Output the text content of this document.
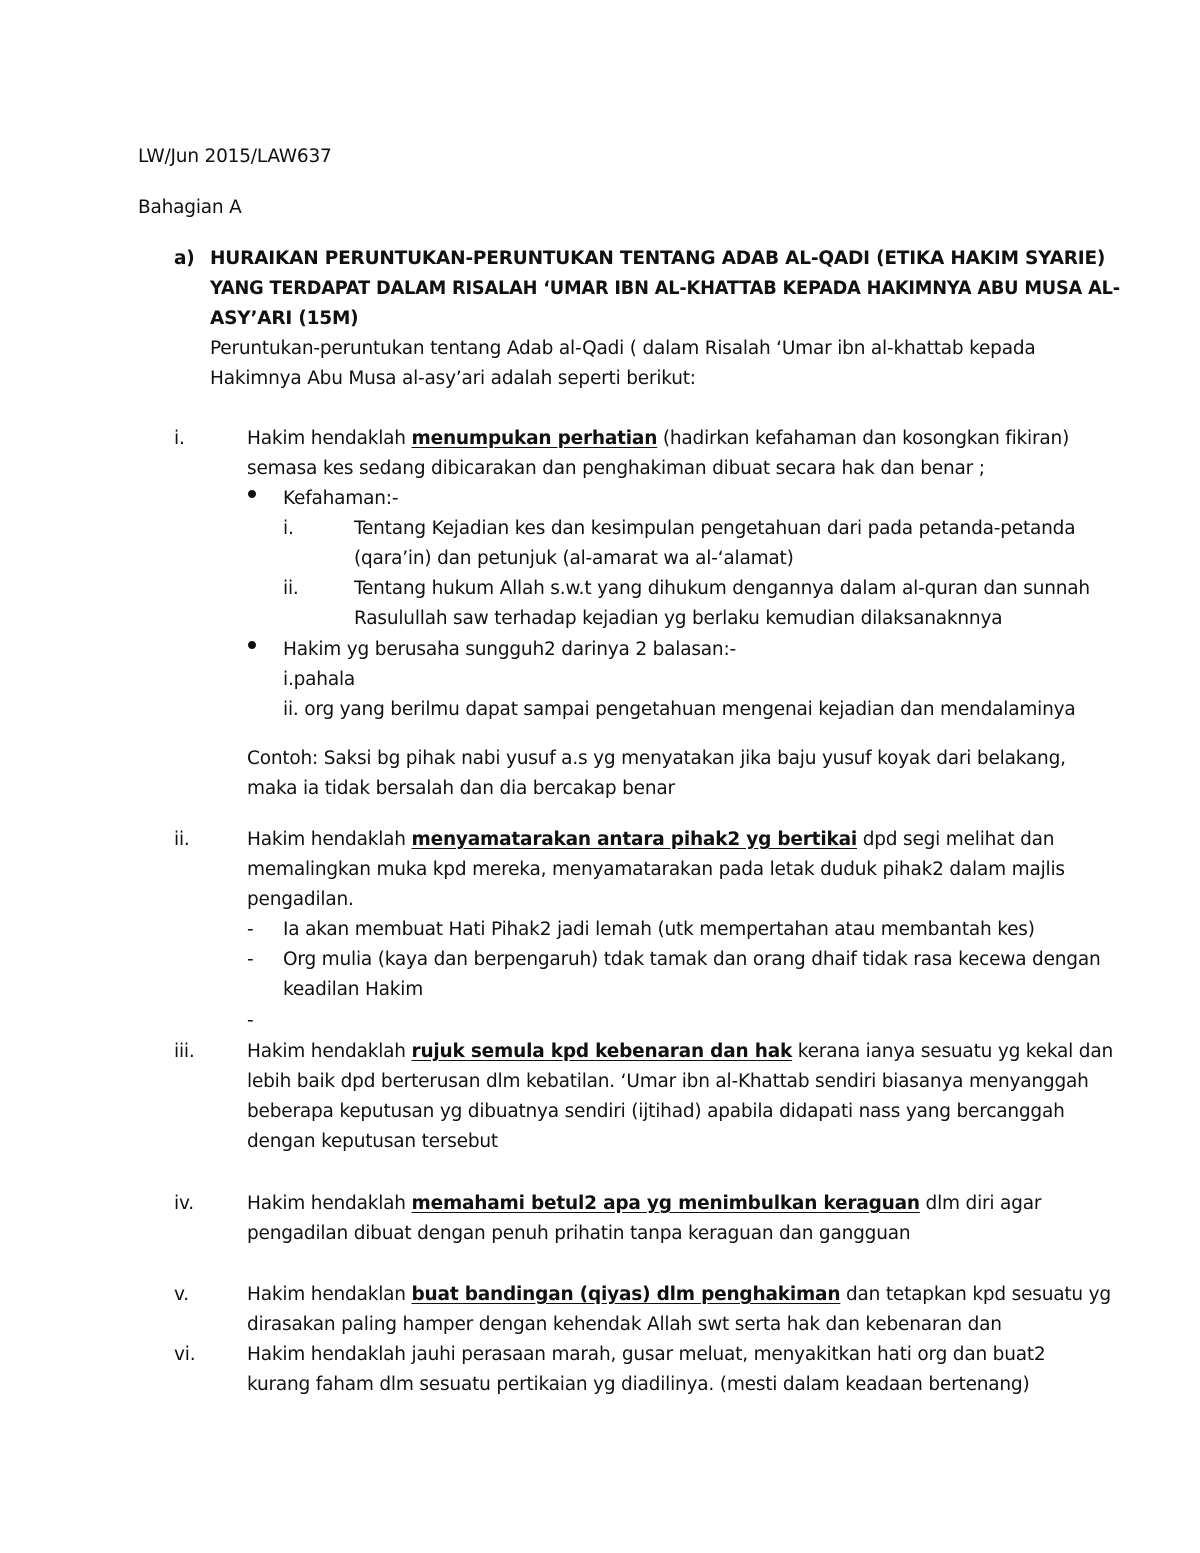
LW/Jun 2015/LAW637
Bahagian A
a) HURAIKAN PERUNTUKAN-PERUNTUKAN TENTANG ADAB AL-QADI (ETIKA HAKIM SYARIE)
YANG TERDAPAT DALAM RISALAH ‘UMAR IBN AL-KHATTAB KEPADA HAKIMNYA ABU MUSA AL-
ASY’ARI (15M)
Peruntukan-peruntukan tentang Adab al-Qadi ( dalam Risalah ‘Umar ibn al-khattab kepada
Hakimnya Abu Musa al-asy’ari adalah seperti berikut:
i.	Hakim hendaklah menumpukan perhatian (hadirkan kefahaman dan kosongkan fikiran)
semasa kes sedang dibicarakan dan penghakiman dibuat secara hak dan benar ;
Kefahaman:-
i.	Tentang Kejadian kes dan kesimpulan pengetahuan dari pada petanda-petanda
(qara’in) dan petunjuk (al-amarat wa al-‘alamat)
ii.	Tentang hukum Allah s.w.t yang dihukum dengannya dalam al-quran dan sunnah
Rasulullah saw terhadap kejadian yg berlaku kemudian dilaksanaknnya
Hakim yg berusaha sungguh2 darinya 2 balasan:-
i.pahala
ii. org yang berilmu dapat sampai pengetahuan mengenai kejadian dan mendalaminya
Contoh: Saksi bg pihak nabi yusuf a.s yg menyatakan jika baju yusuf koyak dari belakang,
maka ia tidak bersalah dan dia bercakap benar
ii.	Hakim hendaklah menyamatarakan antara pihak2 yg bertikai dpd segi melihat dan
memalingkan muka kpd mereka, menyamatarakan pada letak duduk pihak2 dalam majlis
pengadilan.
- Ia akan membuat Hati Pihak2 jadi lemah (utk mempertahan atau membantah kes)
- Org mulia (kaya dan berpengaruh) tdak tamak dan orang dhaif tidak rasa kecewa dengan
keadilan Hakim
-
iii.	Hakim hendaklah rujuk semula kpd kebenaran dan hak kerana ianya sesuatu yg kekal dan
lebih baik dpd berterusan dlm kebatilan. ‘Umar ibn al-Khattab sendiri biasanya menyanggah
beberapa keputusan yg dibuatnya sendiri (ijtihad) apabila didapati nass yang bercanggah
dengan keputusan tersebut
iv.	Hakim hendaklah memahami betul2 apa yg menimbulkan keraguan dlm diri agar
pengadilan dibuat dengan penuh prihatin tanpa keraguan dan gangguan
v.	Hakim hendaklan buat bandingan (qiyas) dlm penghakiman dan tetapkan kpd sesuatu yg
dirasakan paling hamper dengan kehendak Allah swt serta hak dan kebenaran dan
vi.	Hakim hendaklah jauhi perasaan marah, gusar meluat, menyakitkan hati org dan buat2
kurang faham dlm sesuatu pertikaian yg diadilinya. (mesti dalam keadaan bertenang)
